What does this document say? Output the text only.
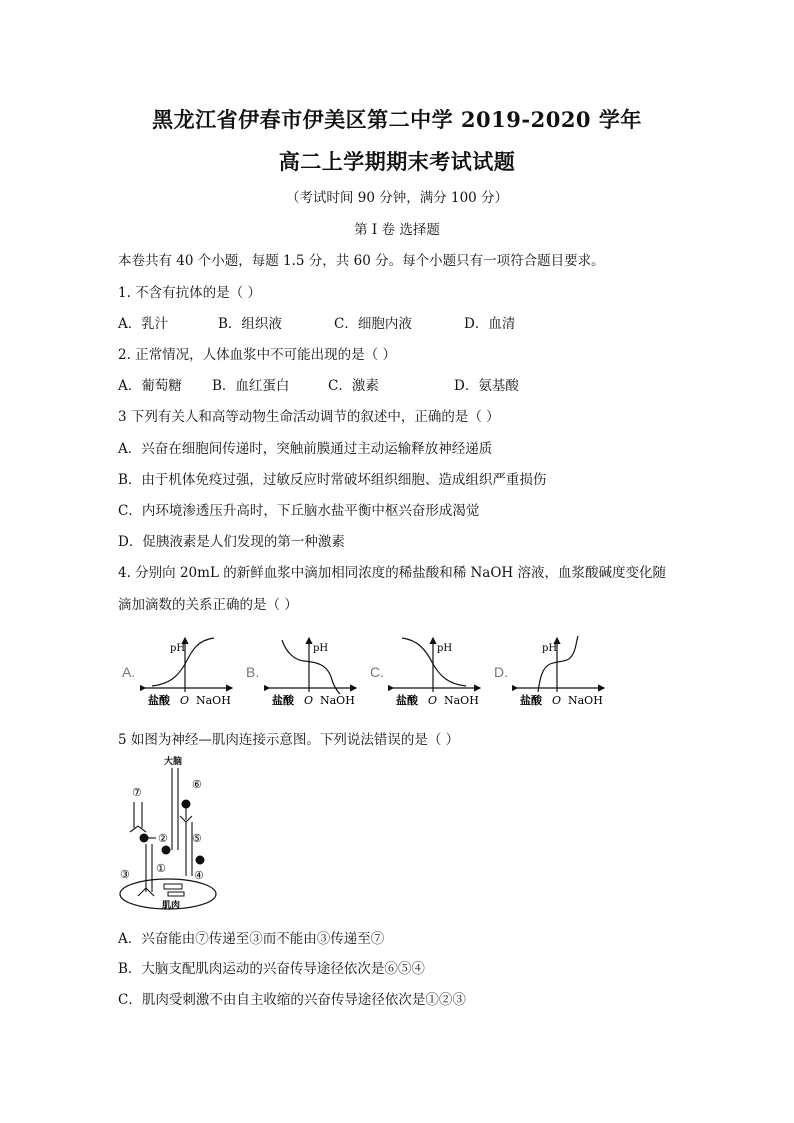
黑龙江省伊春市伊美区第二中学 2019-2020 学年
高二上学期期末考试试题
（考试时间 90 分钟，满分 100 分）
第 I 卷 选择题
本卷共有 40 个小题，每题 1.5 分，共 60 分。每个小题只有一项符合题目要求。
1. 不含有抗体的是（ ）
A．乳汁	B．组织液	C．细胞内液	D．血清
2. 正常情况，人体血浆中不可能出现的是（ ）
A．葡萄糖 B．血红蛋白	C．激素	D．氨基酸
3 下列有关人和高等动物生命活动调节的叙述中，正确的是（ ）
A．兴奋在细胞间传递时，突触前膜通过主动运输释放神经递质
B．由于机体免疫过强，过敏反应时常破坏组织细胞、造成组织严重损伤
C．内环境渗透压升高时，下丘脑水盐平衡中枢兴奋形成渴觉
D．促胰液素是人们发现的第一种激素
4. 分别向 20mL 的新鲜血浆中滴加相同浓度的稀盐酸和稀 NaOH 溶液，血浆酸碱度变化随
滴加滴数的关系正确的是（ ）
A.	B.	C.	D.
pH
盐酸 O NaOH
pH
盐酸 O NaOH
pH
盐酸 O NaOH
pH
盐酸 O NaOH
5 如图为神经—肌肉连接示意图。下列说法错误的是（ ）
大脑
⑥
⑤
④
⑦
②
①
③
肌肉
A．兴奋能由⑦传递至③而不能由③传递至⑦
B．大脑支配肌肉运动的兴奋传导途径依次是⑥⑤④
C．肌肉受刺激不由自主收缩的兴奋传导途径依次是①②③
